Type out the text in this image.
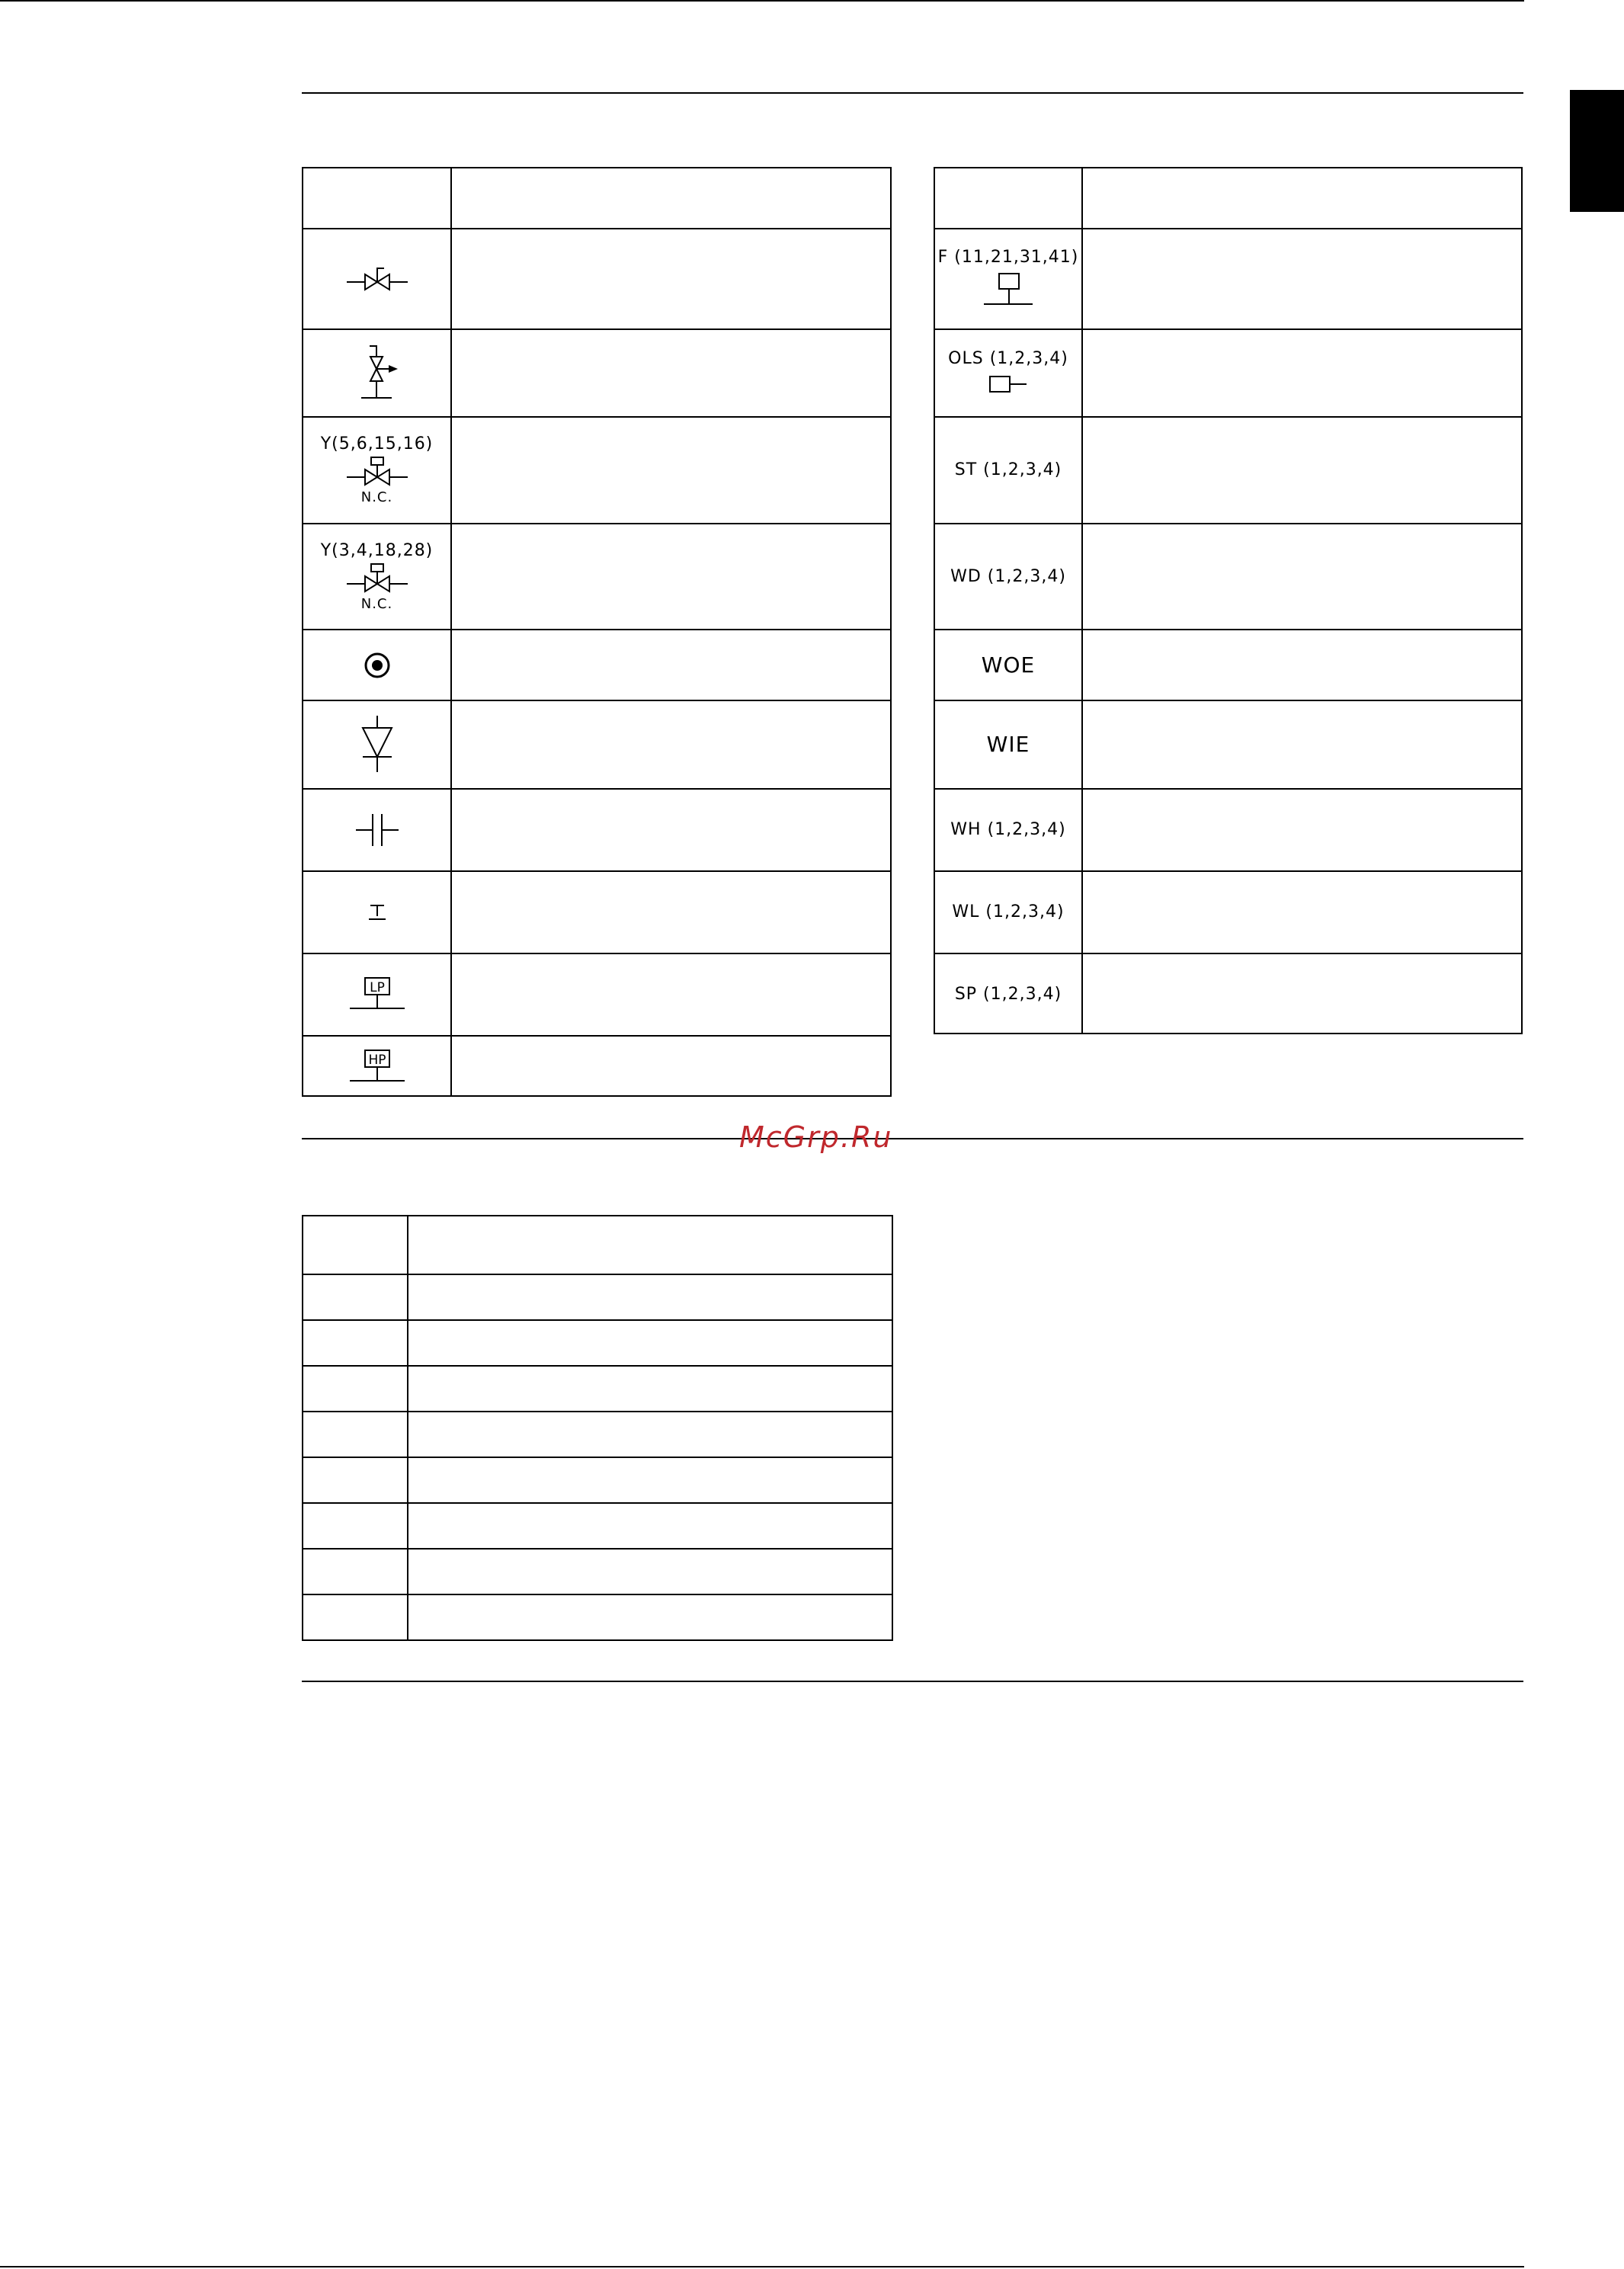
Y(5,6,15,16)
N.C.
Y(3,4,18,28)
N.C.
LP
HP
F (11,21,31,41)
OLS (1,2,3,4)
ST (1,2,3,4)
WD (1,2,3,4)
WOE
WIE
WH (1,2,3,4)
WL (1,2,3,4)
SP (1,2,3,4)
McGrp.Ru
